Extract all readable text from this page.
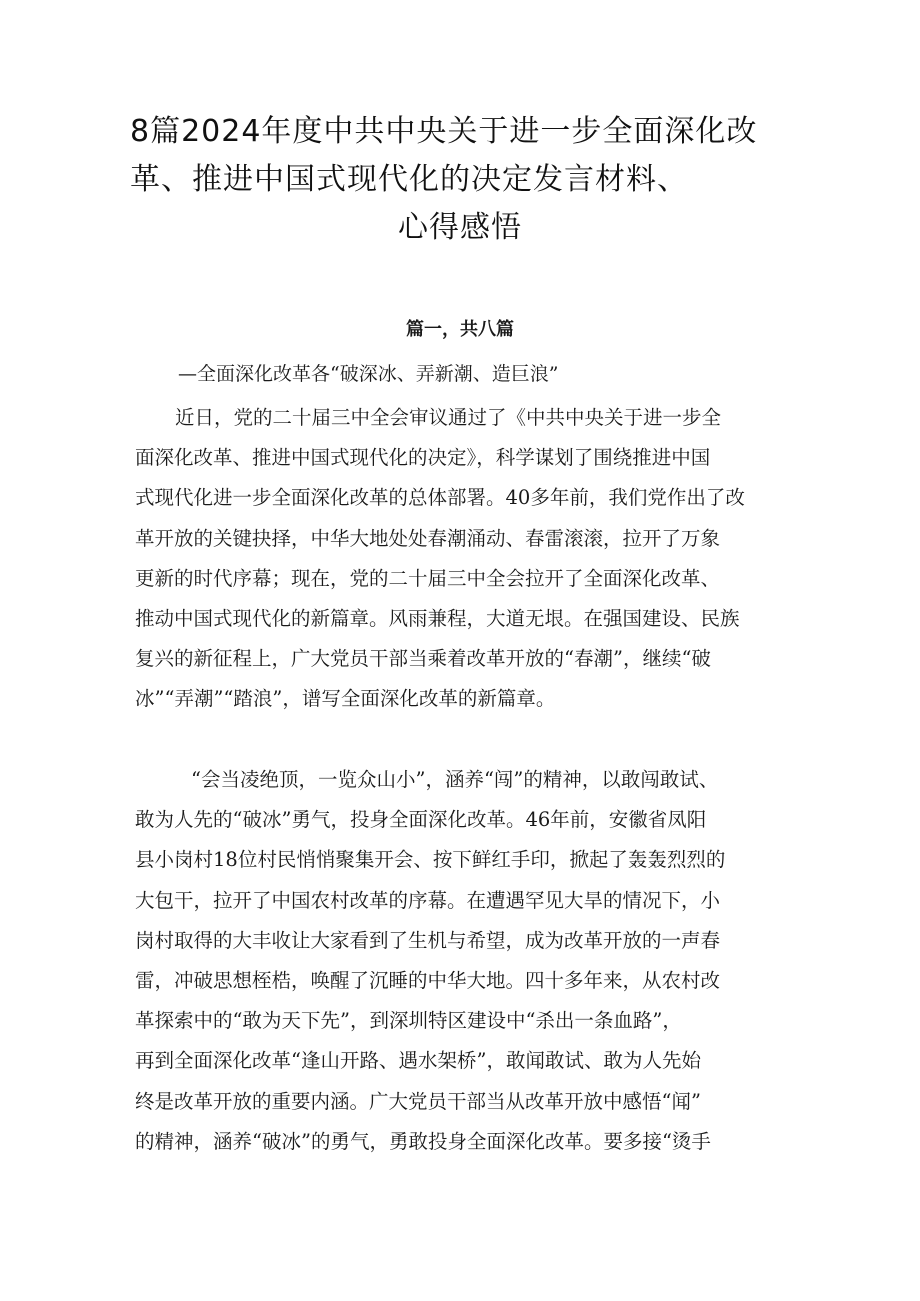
8篇2024年度中共中央关于进一步全面深化改
革、推进中国式现代化的决定发言材料、
心得感悟
篇一，共八篇

—全面深化改革各“破深冰、弄新潮、造巨浪”

近日，党的二十届三中全会审议通过了《中共中央关于进一步全
面深化改革、推进中国式现代化的决定》，科学谋划了围绕推进中国
式现代化进一步全面深化改革的总体部署。40多年前，我们党作出了改
革开放的关键抉择，中华大地处处春潮涌动、春雷滚滚，拉开了万象
更新的时代序幕；现在，党的二十届三中全会拉开了全面深化改革、
推动中国式现代化的新篇章。风雨兼程，大道无垠。在强国建设、民族
复兴的新征程上，广大党员干部当乘着改革开放的“春潮”，继续“破
冰”“弄潮”“踏浪”，谱写全面深化改革的新篇章。
“会当凌绝顶，一览众山小”，涵养“闯”的精神，以敢闯敢试、
敢为人先的“破冰”勇气，投身全面深化改革。46年前，安徽省凤阳
县小岗村18位村民悄悄聚集开会、按下鲜红手印，掀起了轰轰烈烈的
大包干，拉开了中国农村改革的序幕。在遭遇罕见大旱的情况下，小
岗村取得的大丰收让大家看到了生机与希望，成为改革开放的一声春
雷，冲破思想桎梏，唤醒了沉睡的中华大地。四十多年来，从农村改
革探索中的“敢为天下先”，到深圳特区建设中“杀出一条血路”，
再到全面深化改革“逢山开路、遇水架桥”，敢闻敢试、敢为人先始
终是改革开放的重要内涵。广大党员干部当从改革开放中感悟“闻”
的精神，涵养“破冰”的勇气，勇敢投身全面深化改革。要多接“烫手
